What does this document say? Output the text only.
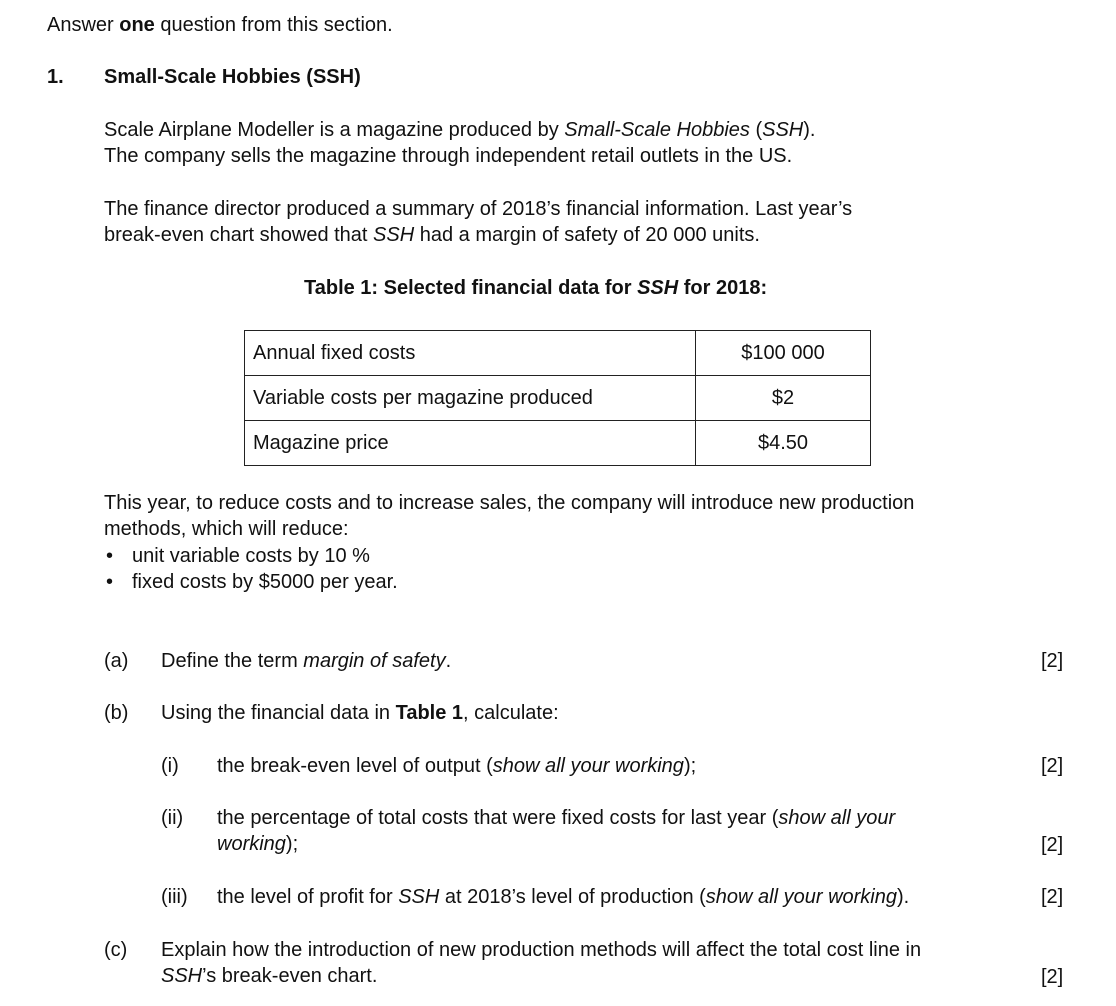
Answer one question from this section.
1. Small-Scale Hobbies (SSH)
Scale Airplane Modeller is a magazine produced by Small-Scale Hobbies (SSH).
The company sells the magazine through independent retail outlets in the US.
The finance director produced a summary of 2018’s financial information. Last year’s
break-even chart showed that SSH had a margin of safety of 20 000 units.
Table 1: Selected financial data for SSH for 2018:
Annual fixed costs	$100 000
Variable costs per magazine produced	$2
Magazine price	$4.50
This year, to reduce costs and to increase sales, the company will introduce new production
methods, which will reduce:
• unit variable costs by 10 %
• fixed costs by $5000 per year.
(a) Define the term margin of safety.	[2]
(b) Using the financial data in Table 1, calculate:
(i) the break-even level of output (show all your working);	[2]
(ii) the percentage of total costs that were fixed costs for last year (show all your
working);	[2]
(iii) the level of profit for SSH at 2018’s level of production (show all your working).	[2]
(c) Explain how the introduction of new production methods will affect the total cost line in
SSH’s break-even chart.	[2]
